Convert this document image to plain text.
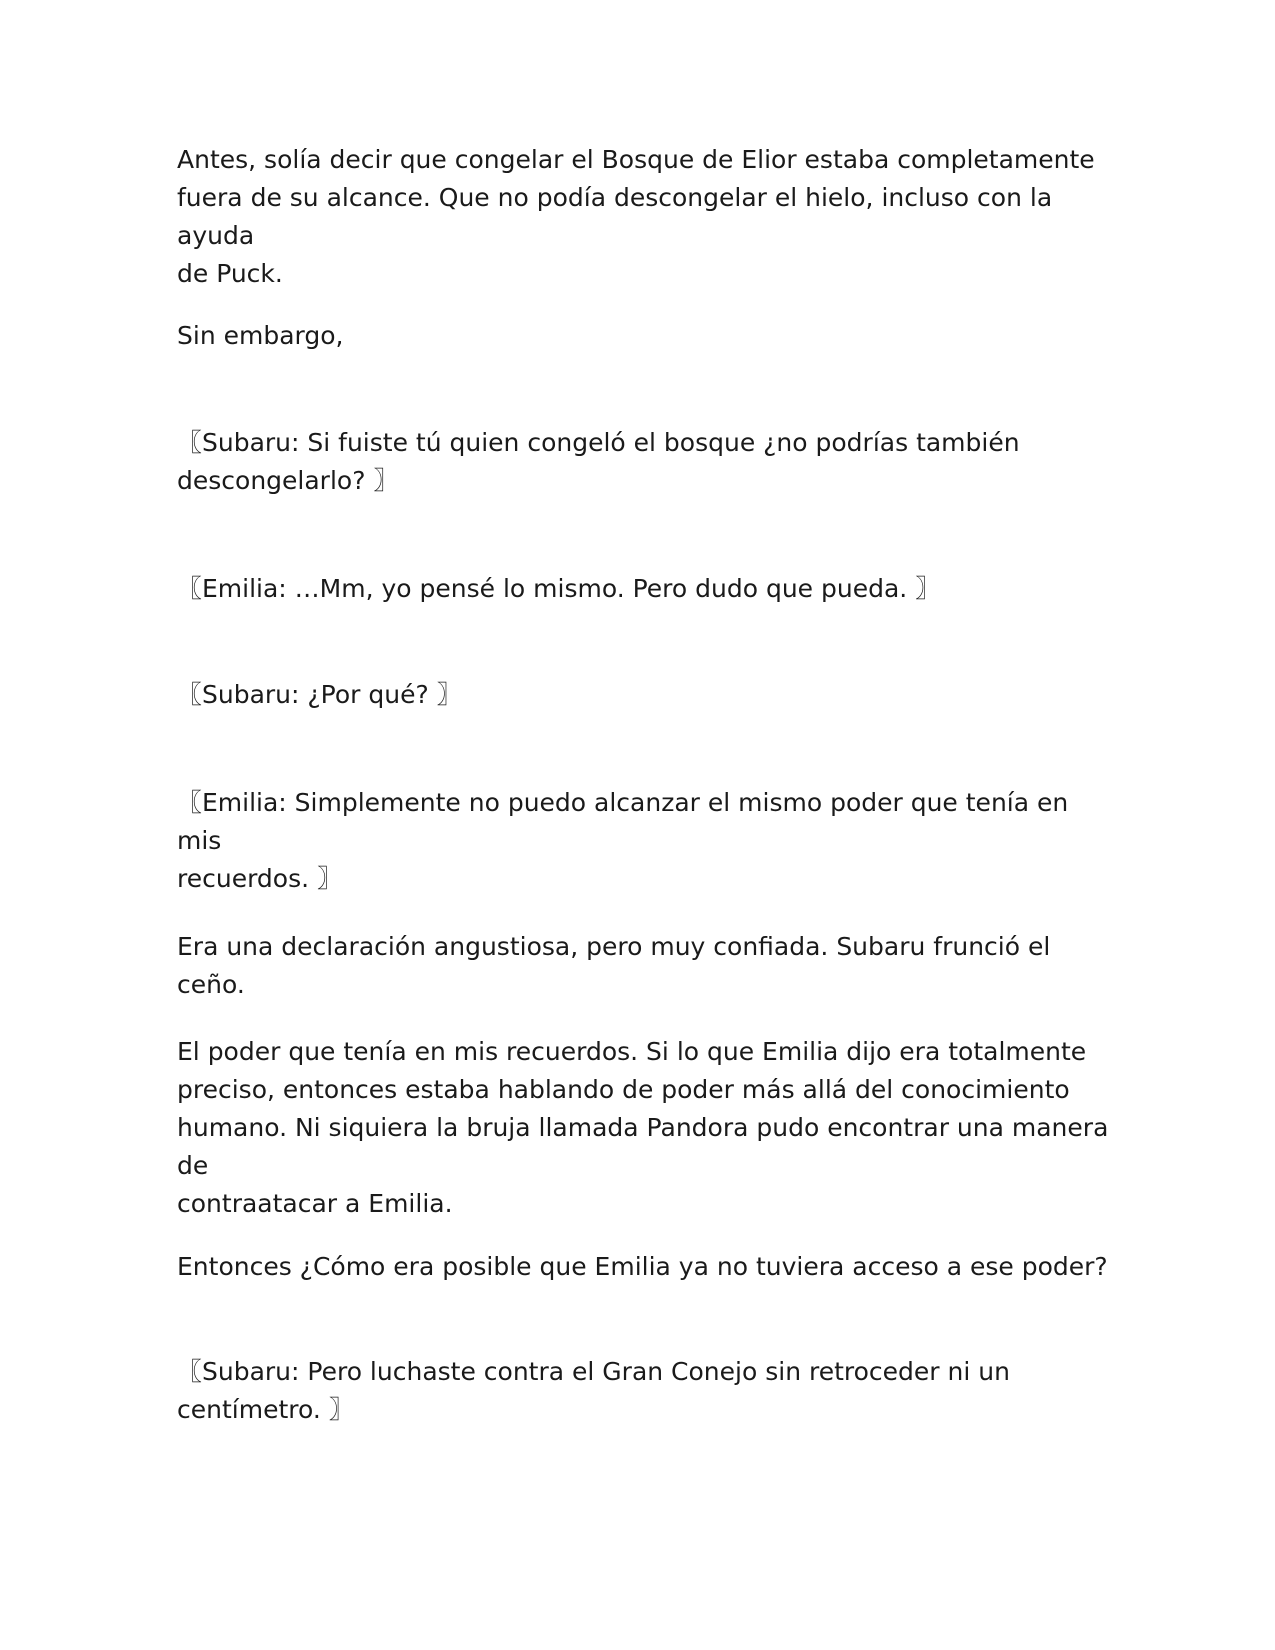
Antes, solía decir que congelar el Bosque de Elior estaba completamente
fuera de su alcance. Que no podía descongelar el hielo, incluso con la ayuda
de Puck.

Sin embargo,

〖Subaru: Si fuiste tú quien congeló el bosque ¿no podrías también
descongelarlo? 〗

〖Emilia: …Mm, yo pensé lo mismo. Pero dudo que pueda. 〗

〖Subaru: ¿Por qué? 〗

〖Emilia: Simplemente no puedo alcanzar el mismo poder que tenía en mis
recuerdos. 〗

Era una declaración angustiosa, pero muy confiada. Subaru frunció el ceño.

El poder que tenía en mis recuerdos. Si lo que Emilia dijo era totalmente
preciso, entonces estaba hablando de poder más allá del conocimiento
humano. Ni siquiera la bruja llamada Pandora pudo encontrar una manera de
contraatacar a Emilia.

Entonces ¿Cómo era posible que Emilia ya no tuviera acceso a ese poder?

〖Subaru: Pero luchaste contra el Gran Conejo sin retroceder ni un
centímetro. 〗
